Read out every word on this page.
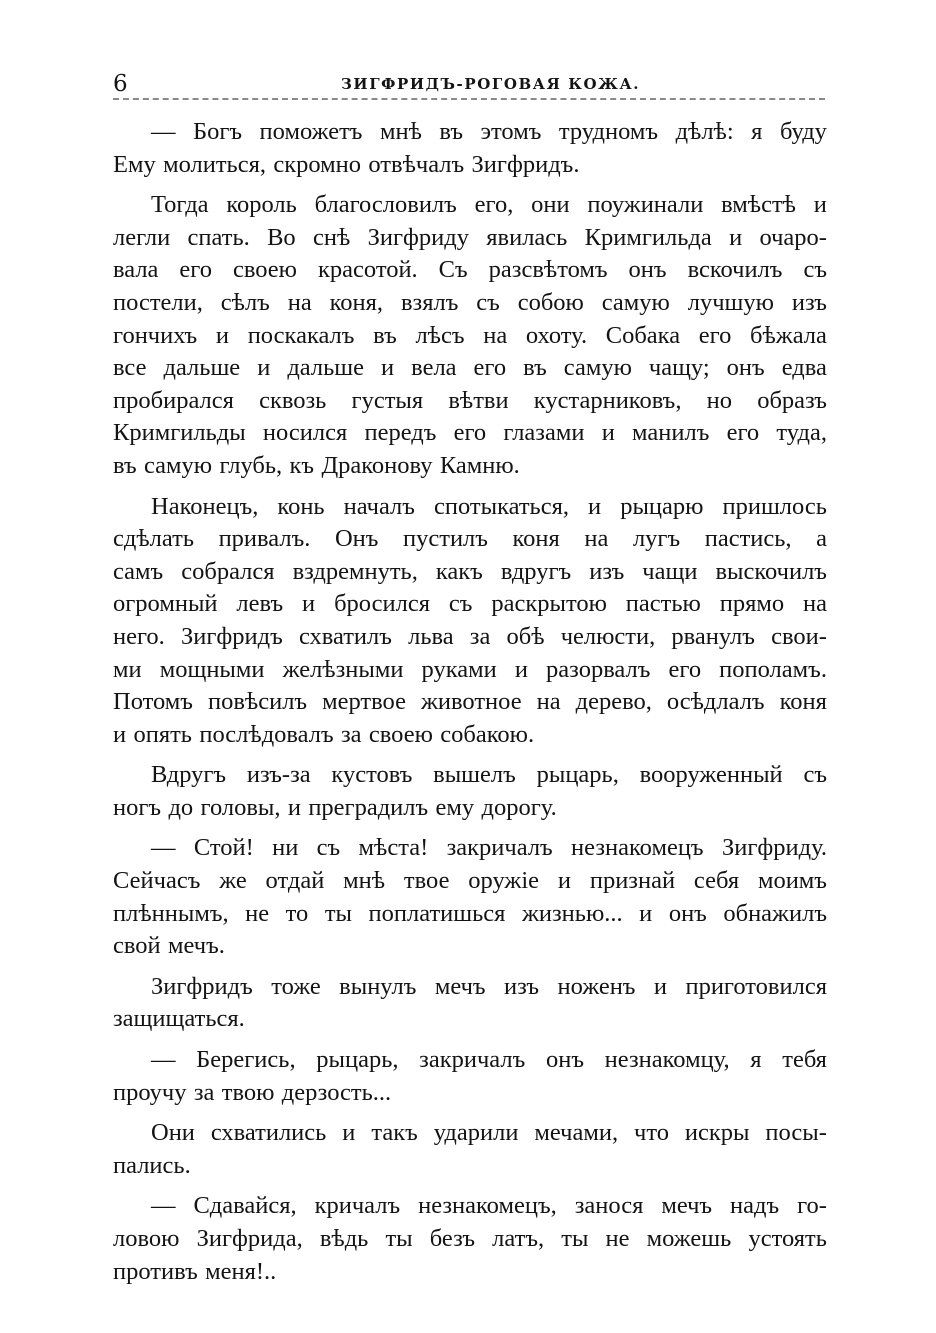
6	ЗИГФРИДЪ-РОГОВАЯ КОЖА.
— Богъ поможетъ мнѣ въ этомъ трудномъ дѣлѣ: я буду
Ему молиться, скромно отвѣчалъ Зигфридъ.
Тогда король благословилъ его, они поужинали вмѣстѣ и
легли спать. Во снѣ Зигфриду явилась Кримгильда и очаро-
вала его своею красотой. Съ разсвѣтомъ онъ вскочилъ съ
постели, сѣлъ на коня, взялъ съ собою самую лучшую изъ
гончихъ и поскакалъ въ лѣсъ на охоту. Собака его бѣжала
все дальше и дальше и вела его въ самую чащу; онъ едва
пробирался сквозь густыя вѣтви кустарниковъ, но образъ
Кримгильды носился передъ его глазами и манилъ его туда,
въ самую глубь, къ Драконову Камню.
Наконецъ, конь началъ спотыкаться, и рыцарю пришлось
сдѣлать привалъ. Онъ пустилъ коня на лугъ пастись, а
самъ собрался вздремнуть, какъ вдругъ изъ чащи выскочилъ
огромный левъ и бросился съ раскрытою пастью прямо на
него. Зигфридъ схватилъ льва за обѣ челюсти, рванулъ свои-
ми мощными желѣзными руками и разорвалъ его пополамъ.
Потомъ повѣсилъ мертвое животное на дерево, осѣдлалъ коня
и опять послѣдовалъ за своею собакою.
Вдругъ изъ-за кустовъ вышелъ рыцарь, вооруженный съ
ногъ до головы, и преградилъ ему дорогу.
— Стой! ни съ мѣста! закричалъ незнакомецъ Зигфриду.
Сейчасъ же отдай мнѣ твое оружіе и признай себя моимъ
плѣннымъ, не то ты поплатишься жизнью... и онъ обнажилъ
свой мечъ.
Зигфридъ тоже вынулъ мечъ изъ ноженъ и приготовился
защищаться.
— Берегись, рыцарь, закричалъ онъ незнакомцу, я тебя
проучу за твою дерзость...
Они схватились и такъ ударили мечами, что искры посы-
пались.
— Сдавайся, кричалъ незнакомецъ, занося мечъ надъ го-
ловою Зигфрида, вѣдь ты безъ латъ, ты не можешь устоять
противъ меня!..
